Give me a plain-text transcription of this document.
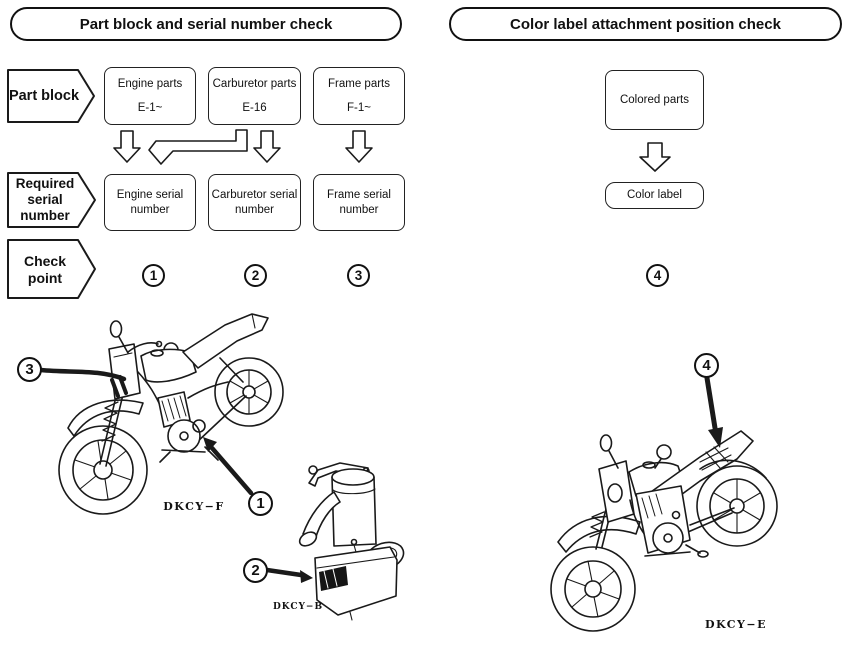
Part block and serial number check	Color label attachment position check
Part block
Required
serial
number
Check
point
Engine parts
E-1~
Carburetor parts
E-16
Frame parts
F-1~
Engine serial
number
Carburetor serial
number
Frame serial
number
Colored parts
Color label
1	2	3	4
3
1
2
4
DKCY−F
DKCY−B
DKCY−E
